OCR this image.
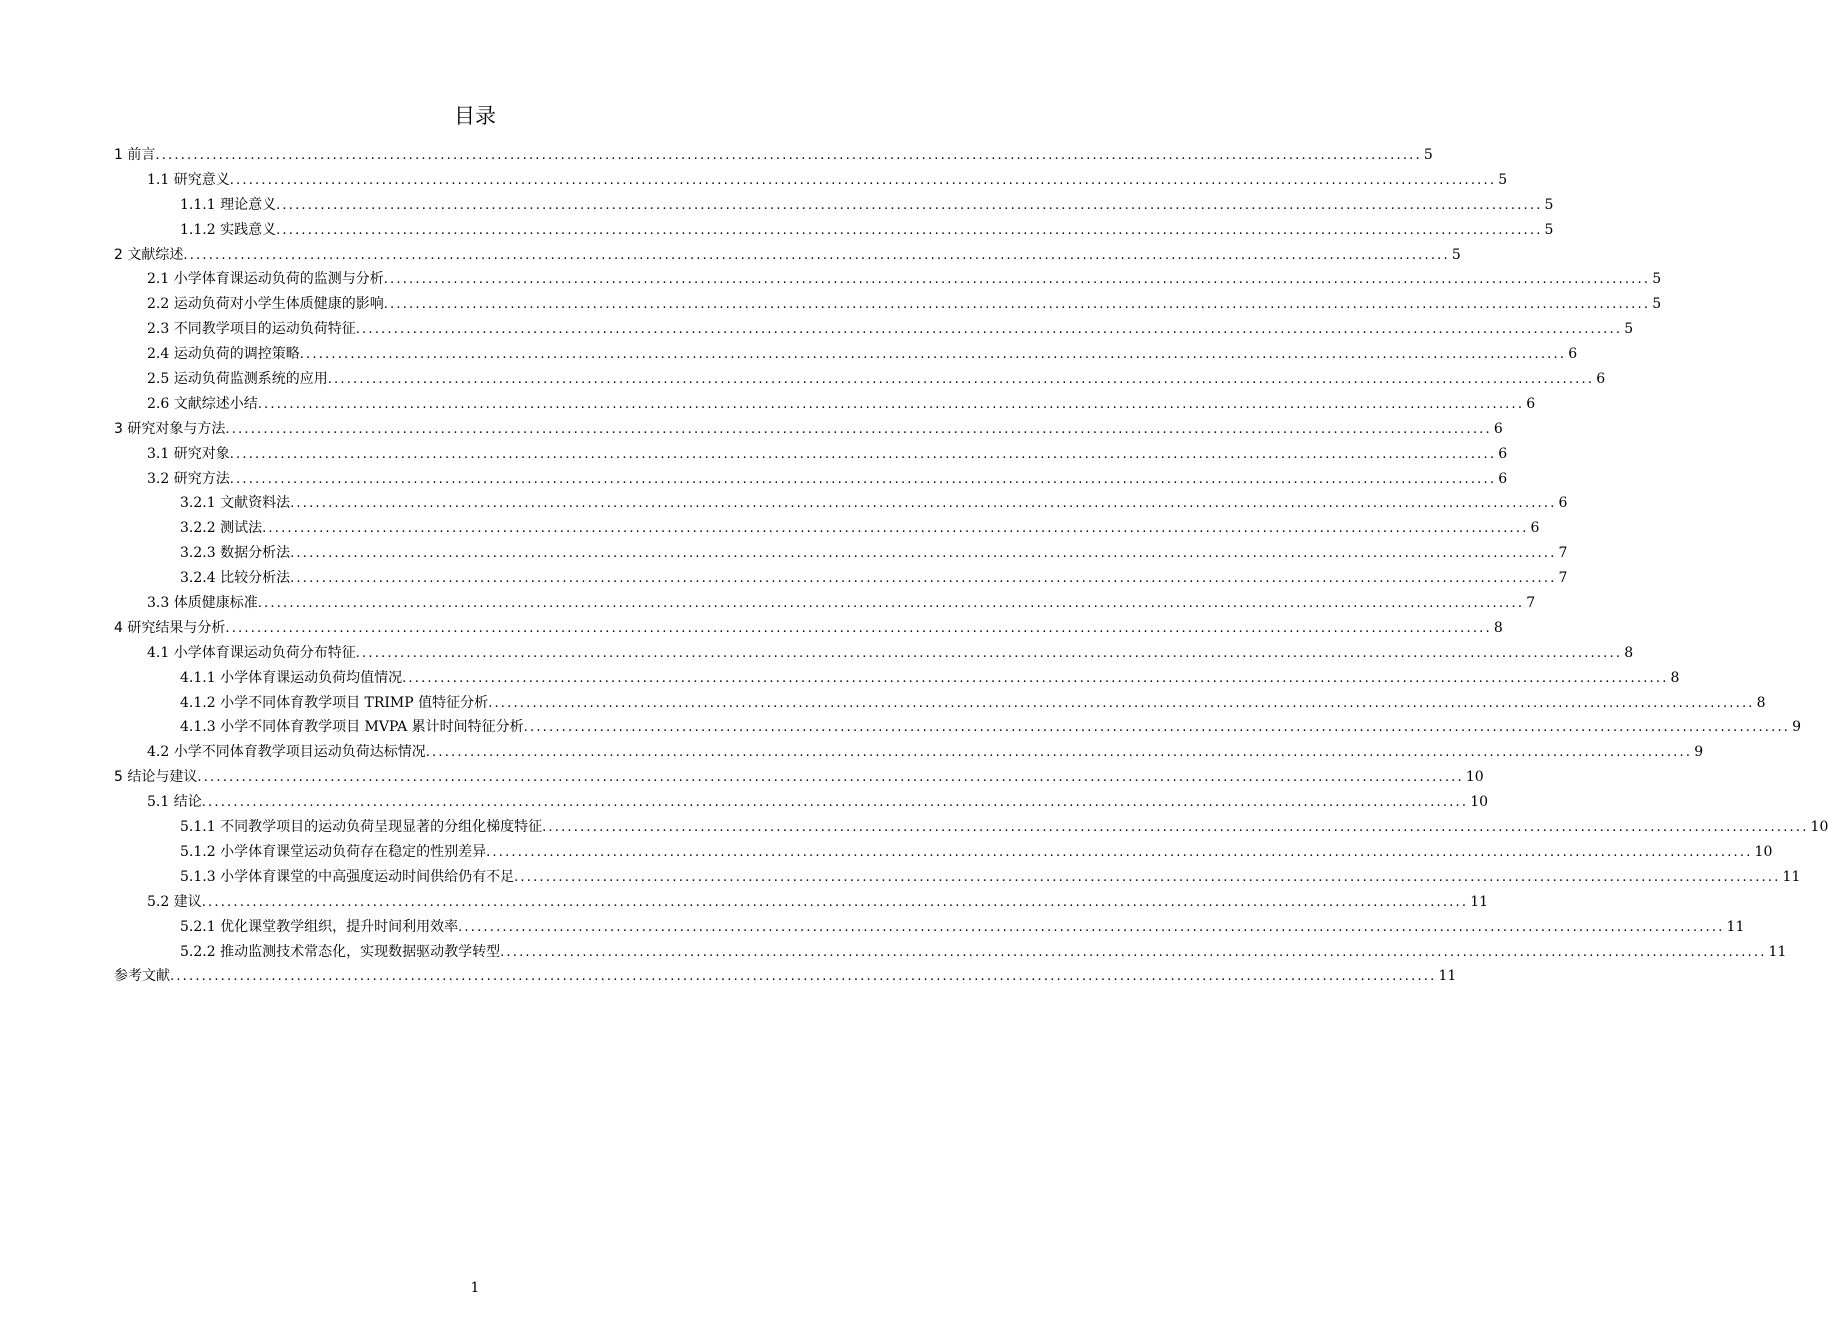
目录
1 前言 ........................................................................................................................................................................................................ 5
1.1 研究意义 ........................................................................................................................................................................................................ 5
1.1.1 理论意义 ........................................................................................................................................................................................................ 5
1.1.2 实践意义 ........................................................................................................................................................................................................ 5
2 文献综述 ........................................................................................................................................................................................................ 5
2.1 小学体育课运动负荷的监测与分析 ........................................................................................................................................................................................................ 5
2.2 运动负荷对小学生体质健康的影响 ........................................................................................................................................................................................................ 5
2.3 不同教学项目的运动负荷特征 ........................................................................................................................................................................................................ 5
2.4 运动负荷的调控策略 ........................................................................................................................................................................................................ 6
2.5 运动负荷监测系统的应用 ........................................................................................................................................................................................................ 6
2.6 文献综述小结 ........................................................................................................................................................................................................ 6
3 研究对象与方法 ........................................................................................................................................................................................................ 6
3.1 研究对象 ........................................................................................................................................................................................................ 6
3.2 研究方法 ........................................................................................................................................................................................................ 6
3.2.1 文献资料法 ........................................................................................................................................................................................................ 6
3.2.2 测试法 ........................................................................................................................................................................................................ 6
3.2.3 数据分析法 ........................................................................................................................................................................................................ 7
3.2.4 比较分析法 ........................................................................................................................................................................................................ 7
3.3 体质健康标准 ........................................................................................................................................................................................................ 7
4 研究结果与分析 ........................................................................................................................................................................................................ 8
4.1 小学体育课运动负荷分布特征 ........................................................................................................................................................................................................ 8
4.1.1 小学体育课运动负荷均值情况 ........................................................................................................................................................................................................ 8
4.1.2 小学不同体育教学项目 TRIMP 值特征分析 ........................................................................................................................................................................................................ 8
4.1.3 小学不同体育教学项目 MVPA 累计时间特征分析 ........................................................................................................................................................................................................ 9
4.2 小学不同体育教学项目运动负荷达标情况 ........................................................................................................................................................................................................ 9
5 结论与建议 ........................................................................................................................................................................................................ 10
5.1 结论 ........................................................................................................................................................................................................ 10
5.1.1 不同教学项目的运动负荷呈现显著的分组化梯度特征 ........................................................................................................................................................................................................ 10
5.1.2 小学体育课堂运动负荷存在稳定的性别差异 ........................................................................................................................................................................................................ 10
5.1.3 小学体育课堂的中高强度运动时间供给仍有不足 ........................................................................................................................................................................................................ 11
5.2 建议 ........................................................................................................................................................................................................ 11
5.2.1 优化课堂教学组织，提升时间利用效率 ........................................................................................................................................................................................................ 11
5.2.2 推动监测技术常态化，实现数据驱动教学转型 ........................................................................................................................................................................................................ 11
参考文献 ........................................................................................................................................................................................................ 11
1
